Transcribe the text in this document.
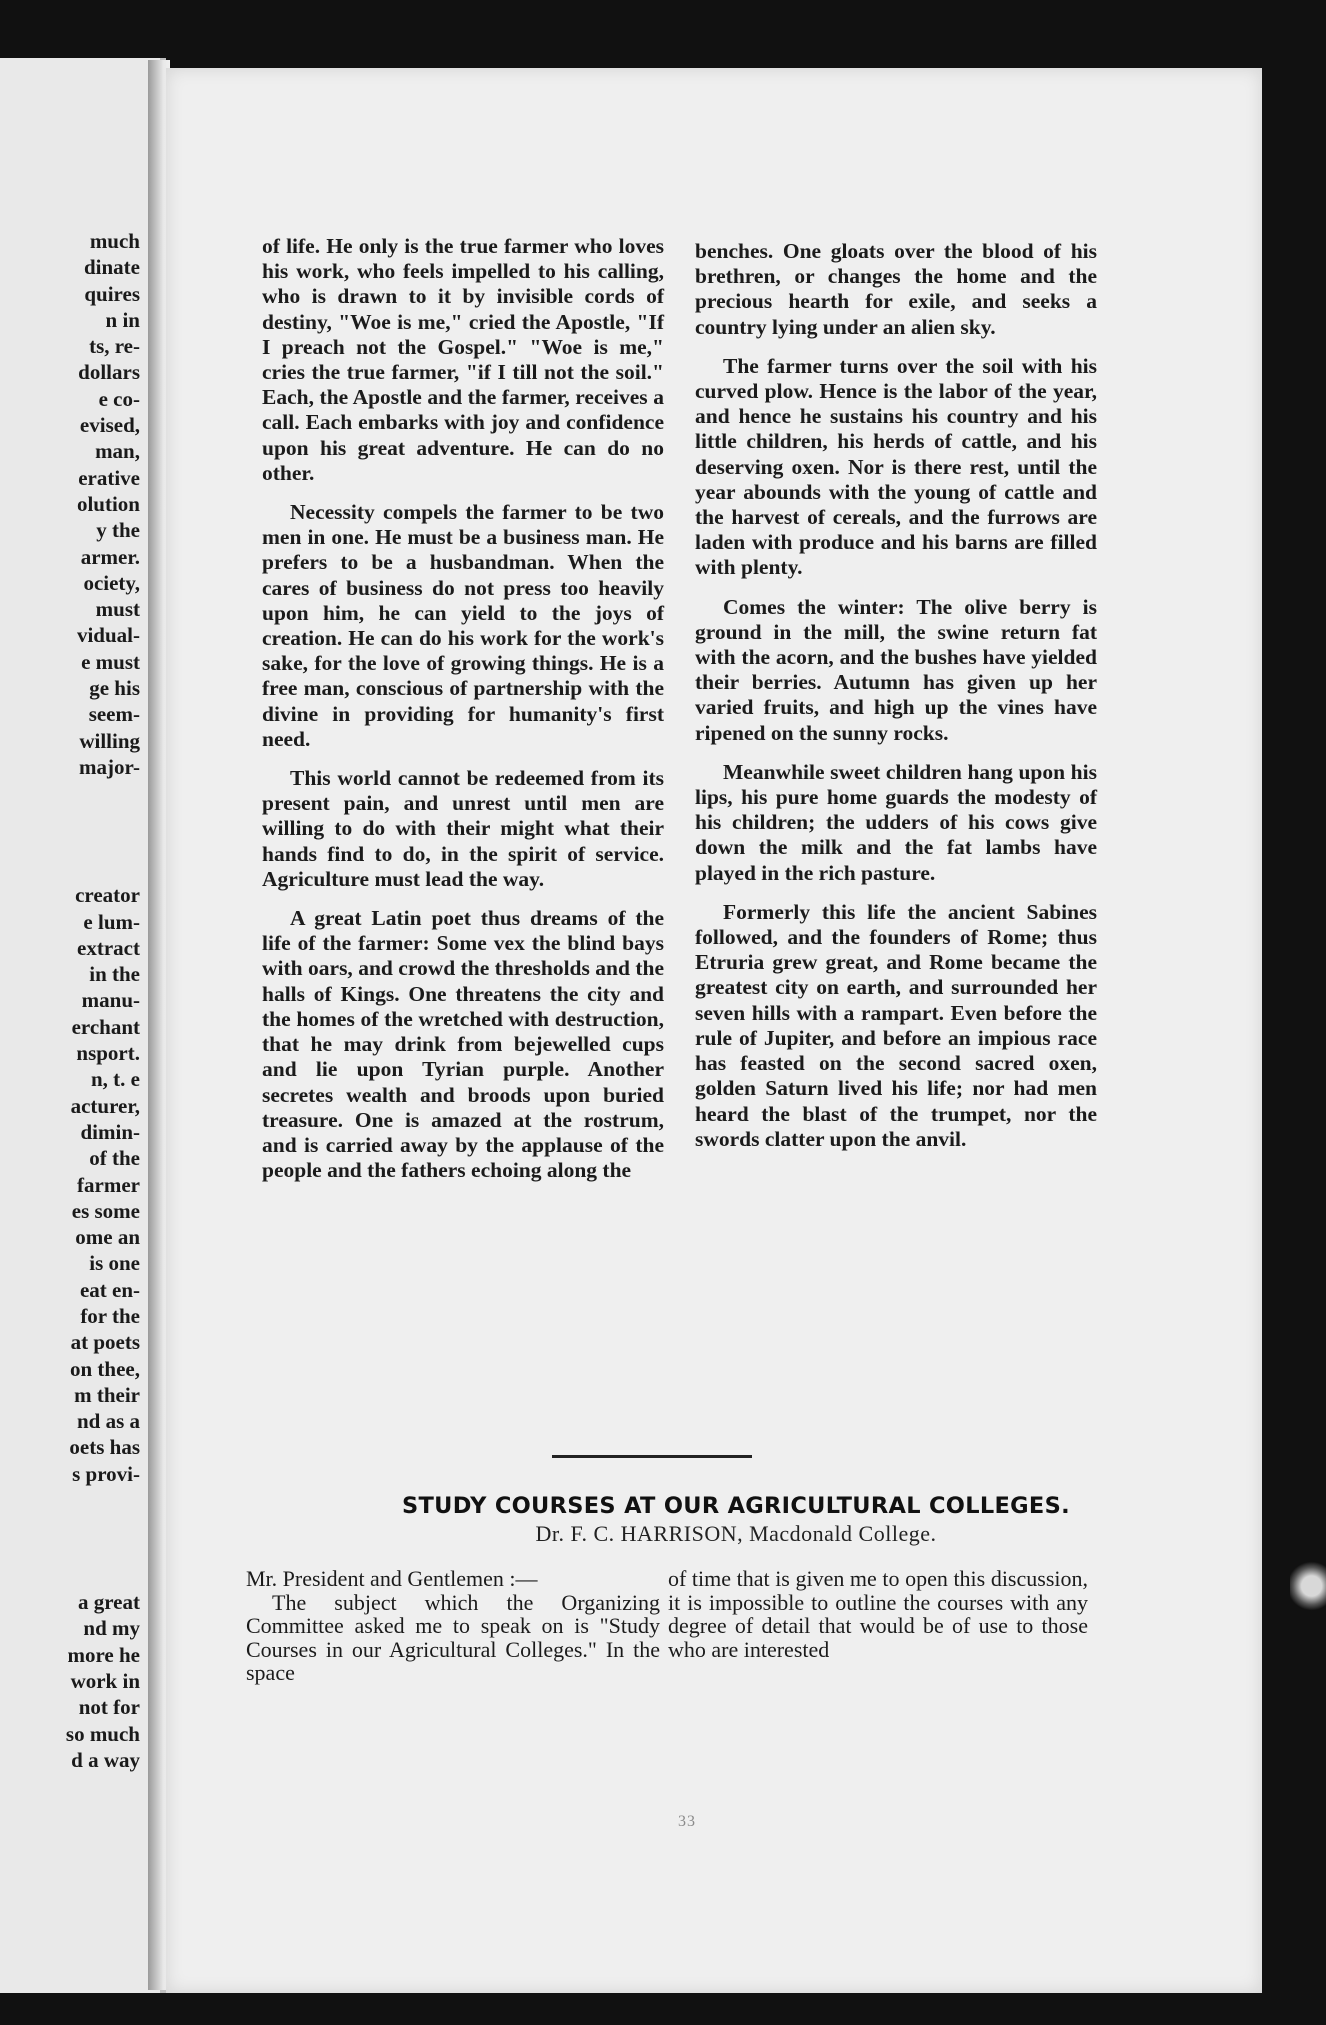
much
dinate
quires
n in
ts, re-
dollars
e co-
evised,
man,
erative
olution
y the
armer.
ociety,
must
vidual-
e must
ge his
seem-
willing
major-
creator
e lum-
extract
in the
manu-
erchant
nsport.
n, t. e
acturer,
dimin-
of the
farmer
es some
ome an
is one
eat en-
for the
at poets
on thee,
m their
nd as a
oets has
s provi-
a great
nd my
more he
work in
not for
so much
d a way

of life. He only is the true farmer who loves his work, who feels impelled to his calling, who is drawn to it by invisible cords of destiny, "Woe is me," cried the Apostle, "If I preach not the Gospel." "Woe is me," cries the true farmer, "if I till not the soil." Each, the Apostle and the farmer, receives a call. Each embarks with joy and confidence upon his great adventure. He can do no other.

Necessity compels the farmer to be two men in one. He must be a business man. He prefers to be a husbandman. When the cares of business do not press too heavily upon him, he can yield to the joys of creation. He can do his work for the work's sake, for the love of growing things. He is a free man, conscious of partnership with the divine in providing for humanity's first need.

This world cannot be redeemed from its present pain, and unrest until men are willing to do with their might what their hands find to do, in the spirit of service. Agriculture must lead the way.

A great Latin poet thus dreams of the life of the farmer: Some vex the blind bays with oars, and crowd the thresholds and the halls of Kings. One threatens the city and the homes of the wretched with destruction, that he may drink from bejewelled cups and lie upon Tyrian purple. Another secretes wealth and broods upon buried treasure. One is amazed at the rostrum, and is carried away by the applause of the people and the fathers echoing along the

benches. One gloats over the blood of his brethren, or changes the home and the precious hearth for exile, and seeks a country lying under an alien sky.

The farmer turns over the soil with his curved plow. Hence is the labor of the year, and hence he sustains his country and his little children, his herds of cattle, and his deserving oxen. Nor is there rest, until the year abounds with the young of cattle and the harvest of cereals, and the furrows are laden with produce and his barns are filled with plenty.

Comes the winter: The olive berry is ground in the mill, the swine return fat with the acorn, and the bushes have yielded their berries. Autumn has given up her varied fruits, and high up the vines have ripened on the sunny rocks.

Meanwhile sweet children hang upon his lips, his pure home guards the modesty of his children; the udders of his cows give down the milk and the fat lambs have played in the rich pasture.

Formerly this life the ancient Sabines followed, and the founders of Rome; thus Etruria grew great, and Rome became the greatest city on earth, and surrounded her seven hills with a rampart. Even before the rule of Jupiter, and before an impious race has feasted on the second sacred oxen, golden Saturn lived his life; nor had men heard the blast of the trumpet, nor the swords clatter upon the anvil.

STUDY COURSES AT OUR AGRICULTURAL COLLEGES.
Dr. F. C. HARRISON, Macdonald College.

Mr. President and Gentlemen :—

The subject which the Organizing Committee asked me to speak on is "Study Courses in our Agricultural Colleges." In the space

of time that is given me to open this discussion, it is impossible to outline the courses with any degree of detail that would be of use to those who are interested

33
